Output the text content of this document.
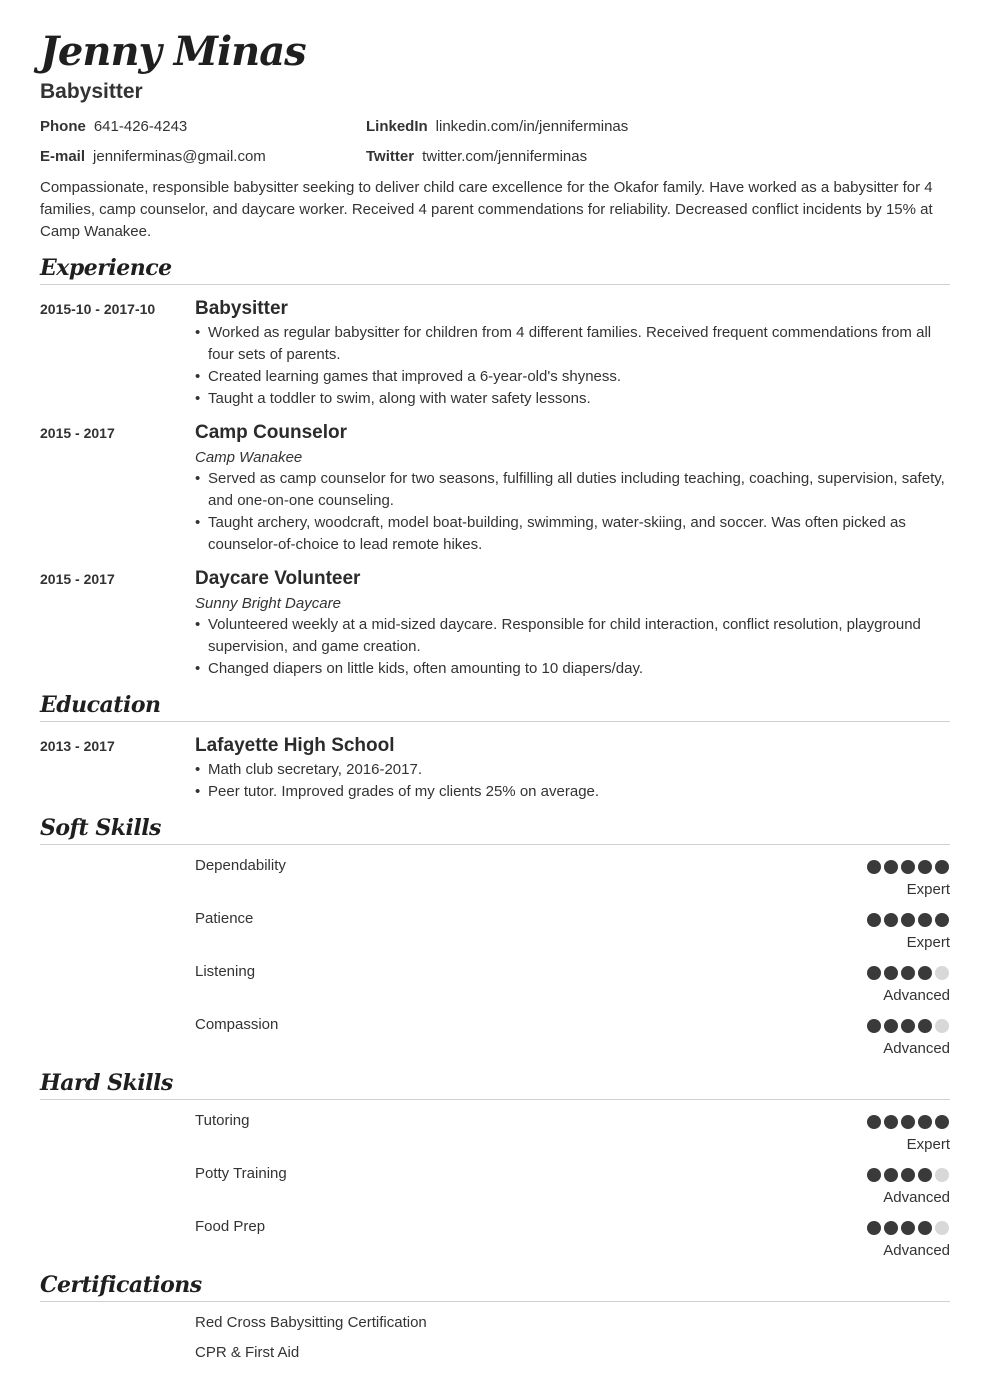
Jenny Minas
Babysitter
Phone 641-426-4243
E-mail jenniferminas@gmail.com
LinkedIn linkedin.com/in/jenniferminas
Twitter twitter.com/jenniferminas
Compassionate, responsible babysitter seeking to deliver child care excellence for the Okafor family. Have worked as a babysitter for 4 families, camp counselor, and daycare worker. Received 4 parent commendations for reliability. Decreased conflict incidents by 15% at Camp Wanakee.
Experience
2015-10 - 2017-10 Babysitter
• Worked as regular babysitter for children from 4 different families. Received frequent commendations from all four sets of parents.
• Created learning games that improved a 6-year-old's shyness.
• Taught a toddler to swim, along with water safety lessons.
2015 - 2017	Camp Counselor
Camp Wanakee
• Served as camp counselor for two seasons, fulfilling all duties including teaching, coaching, supervision, safety, and one-on-one counseling.
• Taught archery, woodcraft, model boat-building, swimming, water-skiing, and soccer. Was often picked as counselor-of-choice to lead remote hikes.
2015 - 2017	Daycare Volunteer
Sunny Bright Daycare
• Volunteered weekly at a mid-sized daycare. Responsible for child interaction, conflict resolution, playground supervision, and game creation.
• Changed diapers on little kids, often amounting to 10 diapers/day.
Education
2013 - 2017	Lafayette High School
• Math club secretary, 2016-2017.
• Peer tutor. Improved grades of my clients 25% on average.
Soft Skills
Dependability
Expert
Patience
Expert
Listening
Advanced
Compassion
Advanced
Hard Skills
Tutoring
Expert
Potty Training
Advanced
Food Prep
Advanced
Certifications
Red Cross Babysitting Certification
CPR & First Aid
